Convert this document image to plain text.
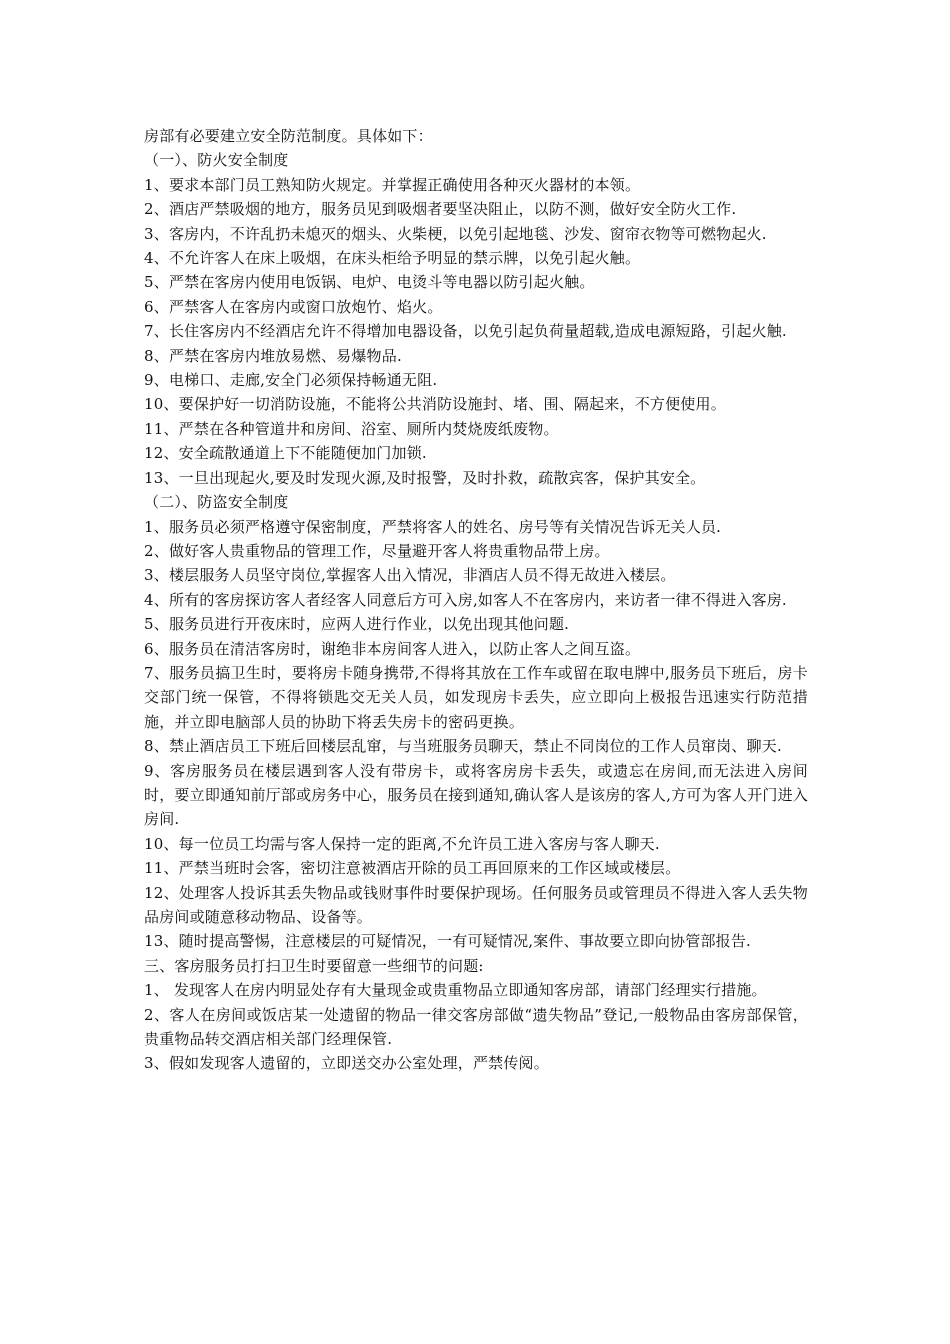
房部有必要建立安全防范制度。具体如下：

（一）、防火安全制度

1、要求本部门员工熟知防火规定。并掌握正确使用各种灭火器材的本领。

2、酒店严禁吸烟的地方，服务员见到吸烟者要坚决阻止，以防不测，做好安全防火工作.

3、客房内，不许乱扔未熄灭的烟头、火柴梗，以免引起地毯、沙发、窗帘衣物等可燃物起火.

4、不允许客人在床上吸烟，在床头柜给予明显的禁示牌，以免引起火触。

5、严禁在客房内使用电饭锅、电炉、电烫斗等电器以防引起火触。

6、严禁客人在客房内或窗口放炮竹、焰火。

7、长住客房内不经酒店允许不得增加电器设备，以免引起负荷量超载,造成电源短路，引起火触.

8、严禁在客房内堆放易燃、易爆物品.

9、电梯口、走廊,安全门必须保持畅通无阻.

10、要保护好一切消防设施，不能将公共消防设施封、堵、围、隔起来，不方便使用。

11、严禁在各种管道井和房间、浴室、厕所内焚烧废纸废物。

12、安全疏散通道上下不能随便加门加锁.

13、一旦出现起火,要及时发现火源,及时报警，及时扑救，疏散宾客，保护其安全。

（二）、防盗安全制度

1、服务员必须严格遵守保密制度，严禁将客人的姓名、房号等有关情况告诉无关人员.

2、做好客人贵重物品的管理工作，尽量避开客人将贵重物品带上房。

3、楼层服务人员坚守岗位,掌握客人出入情况，非酒店人员不得无故进入楼层。

4、所有的客房探访客人者经客人同意后方可入房,如客人不在客房内，来访者一律不得进入客房.

5、服务员进行开夜床时，应两人进行作业，以免出现其他问题.

6、服务员在清洁客房时，谢绝非本房间客人进入，以防止客人之间互盗。

7、服务员搞卫生时，要将房卡随身携带,不得将其放在工作车或留在取电牌中,服务员下班后，房卡交部门统一保管，不得将锁匙交无关人员，如发现房卡丢失，应立即向上极报告迅速实行防范措施，并立即电脑部人员的协助下将丢失房卡的密码更换。

8、禁止酒店员工下班后回楼层乱窜，与当班服务员聊天，禁止不同岗位的工作人员窜岗、聊天.

9、客房服务员在楼层遇到客人没有带房卡，或将客房房卡丢失，或遗忘在房间,而无法进入房间时，要立即通知前厅部或房务中心，服务员在接到通知,确认客人是该房的客人,方可为客人开门进入房间.

10、每一位员工均需与客人保持一定的距离,不允许员工进入客房与客人聊天.

11、严禁当班时会客，密切注意被酒店开除的员工再回原来的工作区域或楼层。

12、处理客人投诉其丢失物品或钱财事件时要保护现场。任何服务员或管理员不得进入客人丢失物品房间或随意移动物品、设备等。

13、随时提高警惕，注意楼层的可疑情况，一有可疑情况,案件、事故要立即向协管部报告.

三、客房服务员打扫卫生时要留意一些细节的问题:

1、 发现客人在房内明显处存有大量现金或贵重物品立即通知客房部，请部门经理实行措施。

2、客人在房间或饭店某一处遗留的物品一律交客房部做“遗失物品”登记,一般物品由客房部保管，贵重物品转交酒店相关部门经理保管.

3、假如发现客人遗留的，立即送交办公室处理，严禁传阅。
